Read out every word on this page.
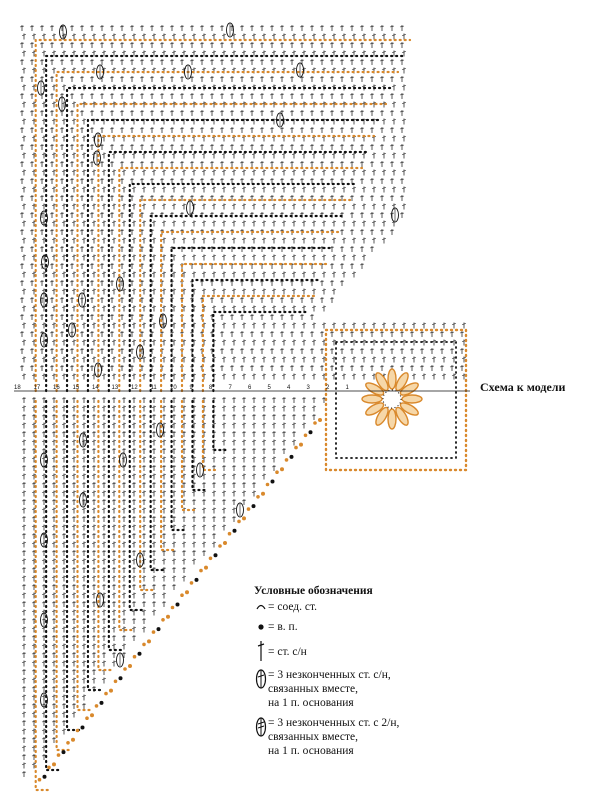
18 17 16 15 14 13 12 11 10 9	8	7	6	5	4	3	2	1	Схема к модели
Условные обозначения
= соед. ст.
= в. п.
= ст. с/н
= 3 незконченных ст. с/н,
связанных вместе,
на 1 п. основания
= 3 незконченных ст. с 2/н,
связанных вместе,
на 1 п. основания
